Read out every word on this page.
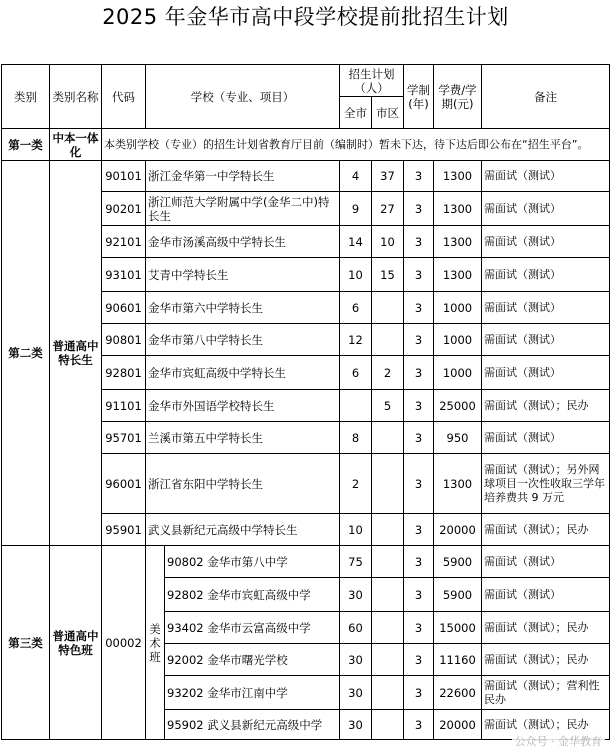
2025 年金华市高中段学校提前批招生计划
类别	类别名称	代码	学校（专业、项目）		招生计划（人）		学制(年)	学费/学期(元)	备注
					全市	市区			
第一类	中本一体化	本类别学校（专业）的招生计划省教育厅目前（编制时）暂未下达，待下达后即公布在“招生平台”。							
第二类	普通高中特长生	90101	浙江金华第一中学特长生		4	37	3	1300	需面试（测试）
		90201	浙江师范大学附属中学(金华二中)特长生		9	27	3	1300	需面试（测试）
		92101	金华市汤溪高级中学特长生		14	10	3	1300	需面试（测试）
		93101	艾青中学特长生		10	15	3	1300	需面试（测试）
		90601	金华市第六中学特长生		6		3	1000	需面试（测试）
		90801	金华市第八中学特长生		12		3	1000	需面试（测试）
		92801	金华市宾虹高级中学特长生		6	2	3	1000	需面试（测试）
		91101	金华市外国语学校特长生			5	3	25000	需面试（测试）；民办
		95701	兰溪市第五中学特长生		8		3	950	需面试（测试）
		96001	浙江省东阳中学特长生		2		3	1300	需面试（测试）；另外网球项目一次性收取三学年培养费共 9 万元
		95901	武义县新纪元高级中学特长生		10		3	20000	需面试（测试）；民办
第三类	普通高中特色班	00002	美术班	90802 金华市第八中学	75		3	5900	需面试（测试）
				92802 金华市宾虹高级中学	30		3	5900	需面试（测试）
				93402 金华市云富高级中学	60		3	15000	需面试（测试）；民办
				92002 金华市曙光学校	30		3	11160	需面试（测试）；民办
				93202 金华市江南中学	30		3	22600	需面试（测试）；营利性民办
				95902 武义县新纪元高级中学	30		3	20000	需面试（测试）；民办
公众号 · 金华教育
